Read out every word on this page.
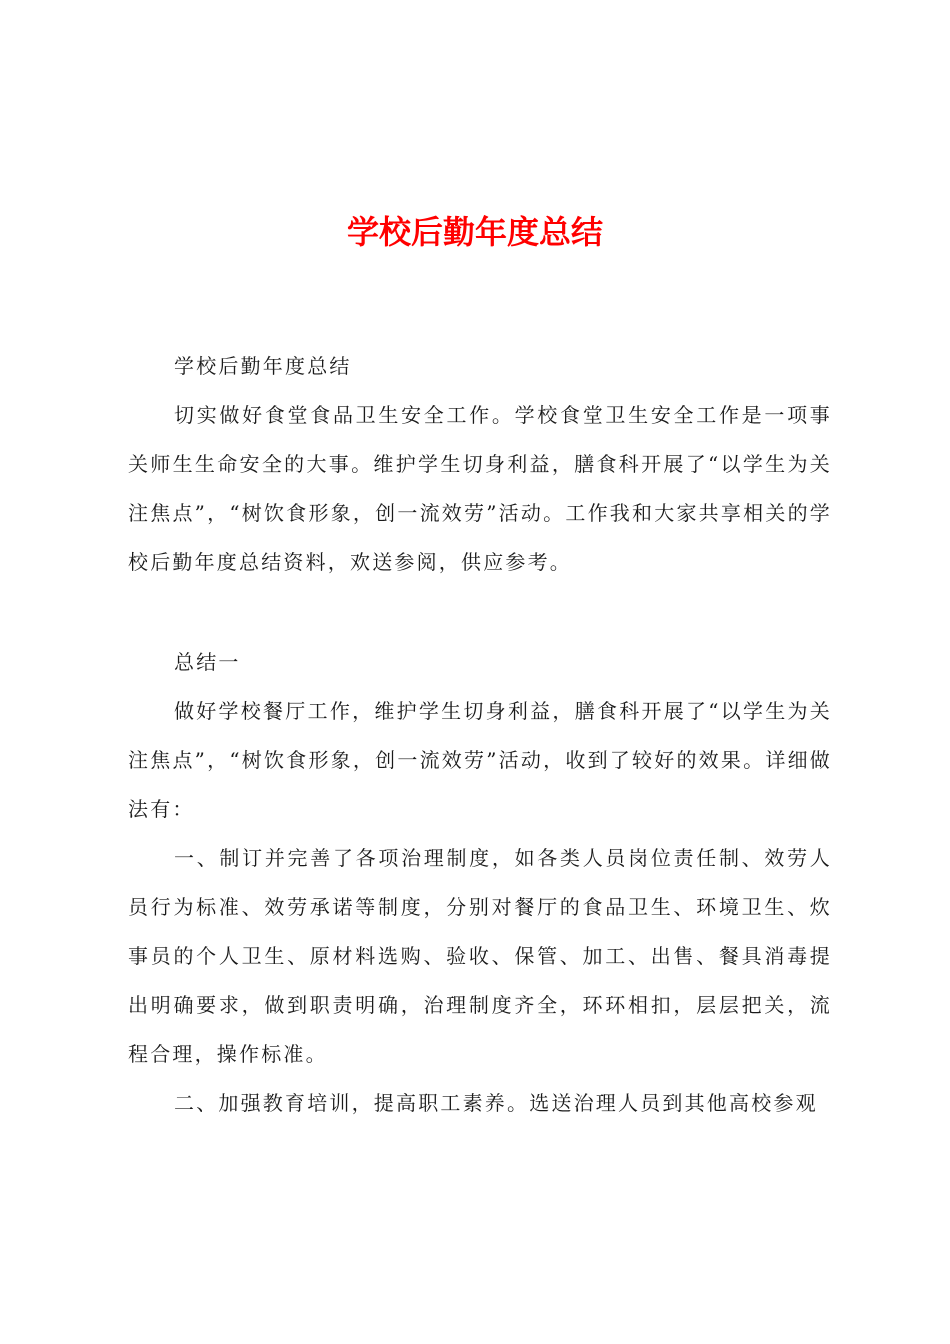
学校后勤年度总结

学校后勤年度总结

切实做好食堂食品卫生安全工作。学校食堂卫生安全工作是一项事关师生生命安全的大事。维护学生切身利益，膳食科开展了“以学生为关注焦点”，“树饮食形象，创一流效劳”活动。工作我和大家共享相关的学校后勤年度总结资料，欢送参阅，供应参考。

总结一

做好学校餐厅工作，维护学生切身利益，膳食科开展了“以学生为关注焦点”，“树饮食形象，创一流效劳”活动，收到了较好的效果。详细做法有：

一、制订并完善了各项治理制度，如各类人员岗位责任制、效劳人员行为标准、效劳承诺等制度，分别对餐厅的食品卫生、环境卫生、炊事员的个人卫生、原材料选购、验收、保管、加工、出售、餐具消毒提出明确要求，做到职责明确，治理制度齐全，环环相扣，层层把关，流程合理，操作标准。

二、加强教育培训，提高职工素养。选送治理人员到其他高校参观
